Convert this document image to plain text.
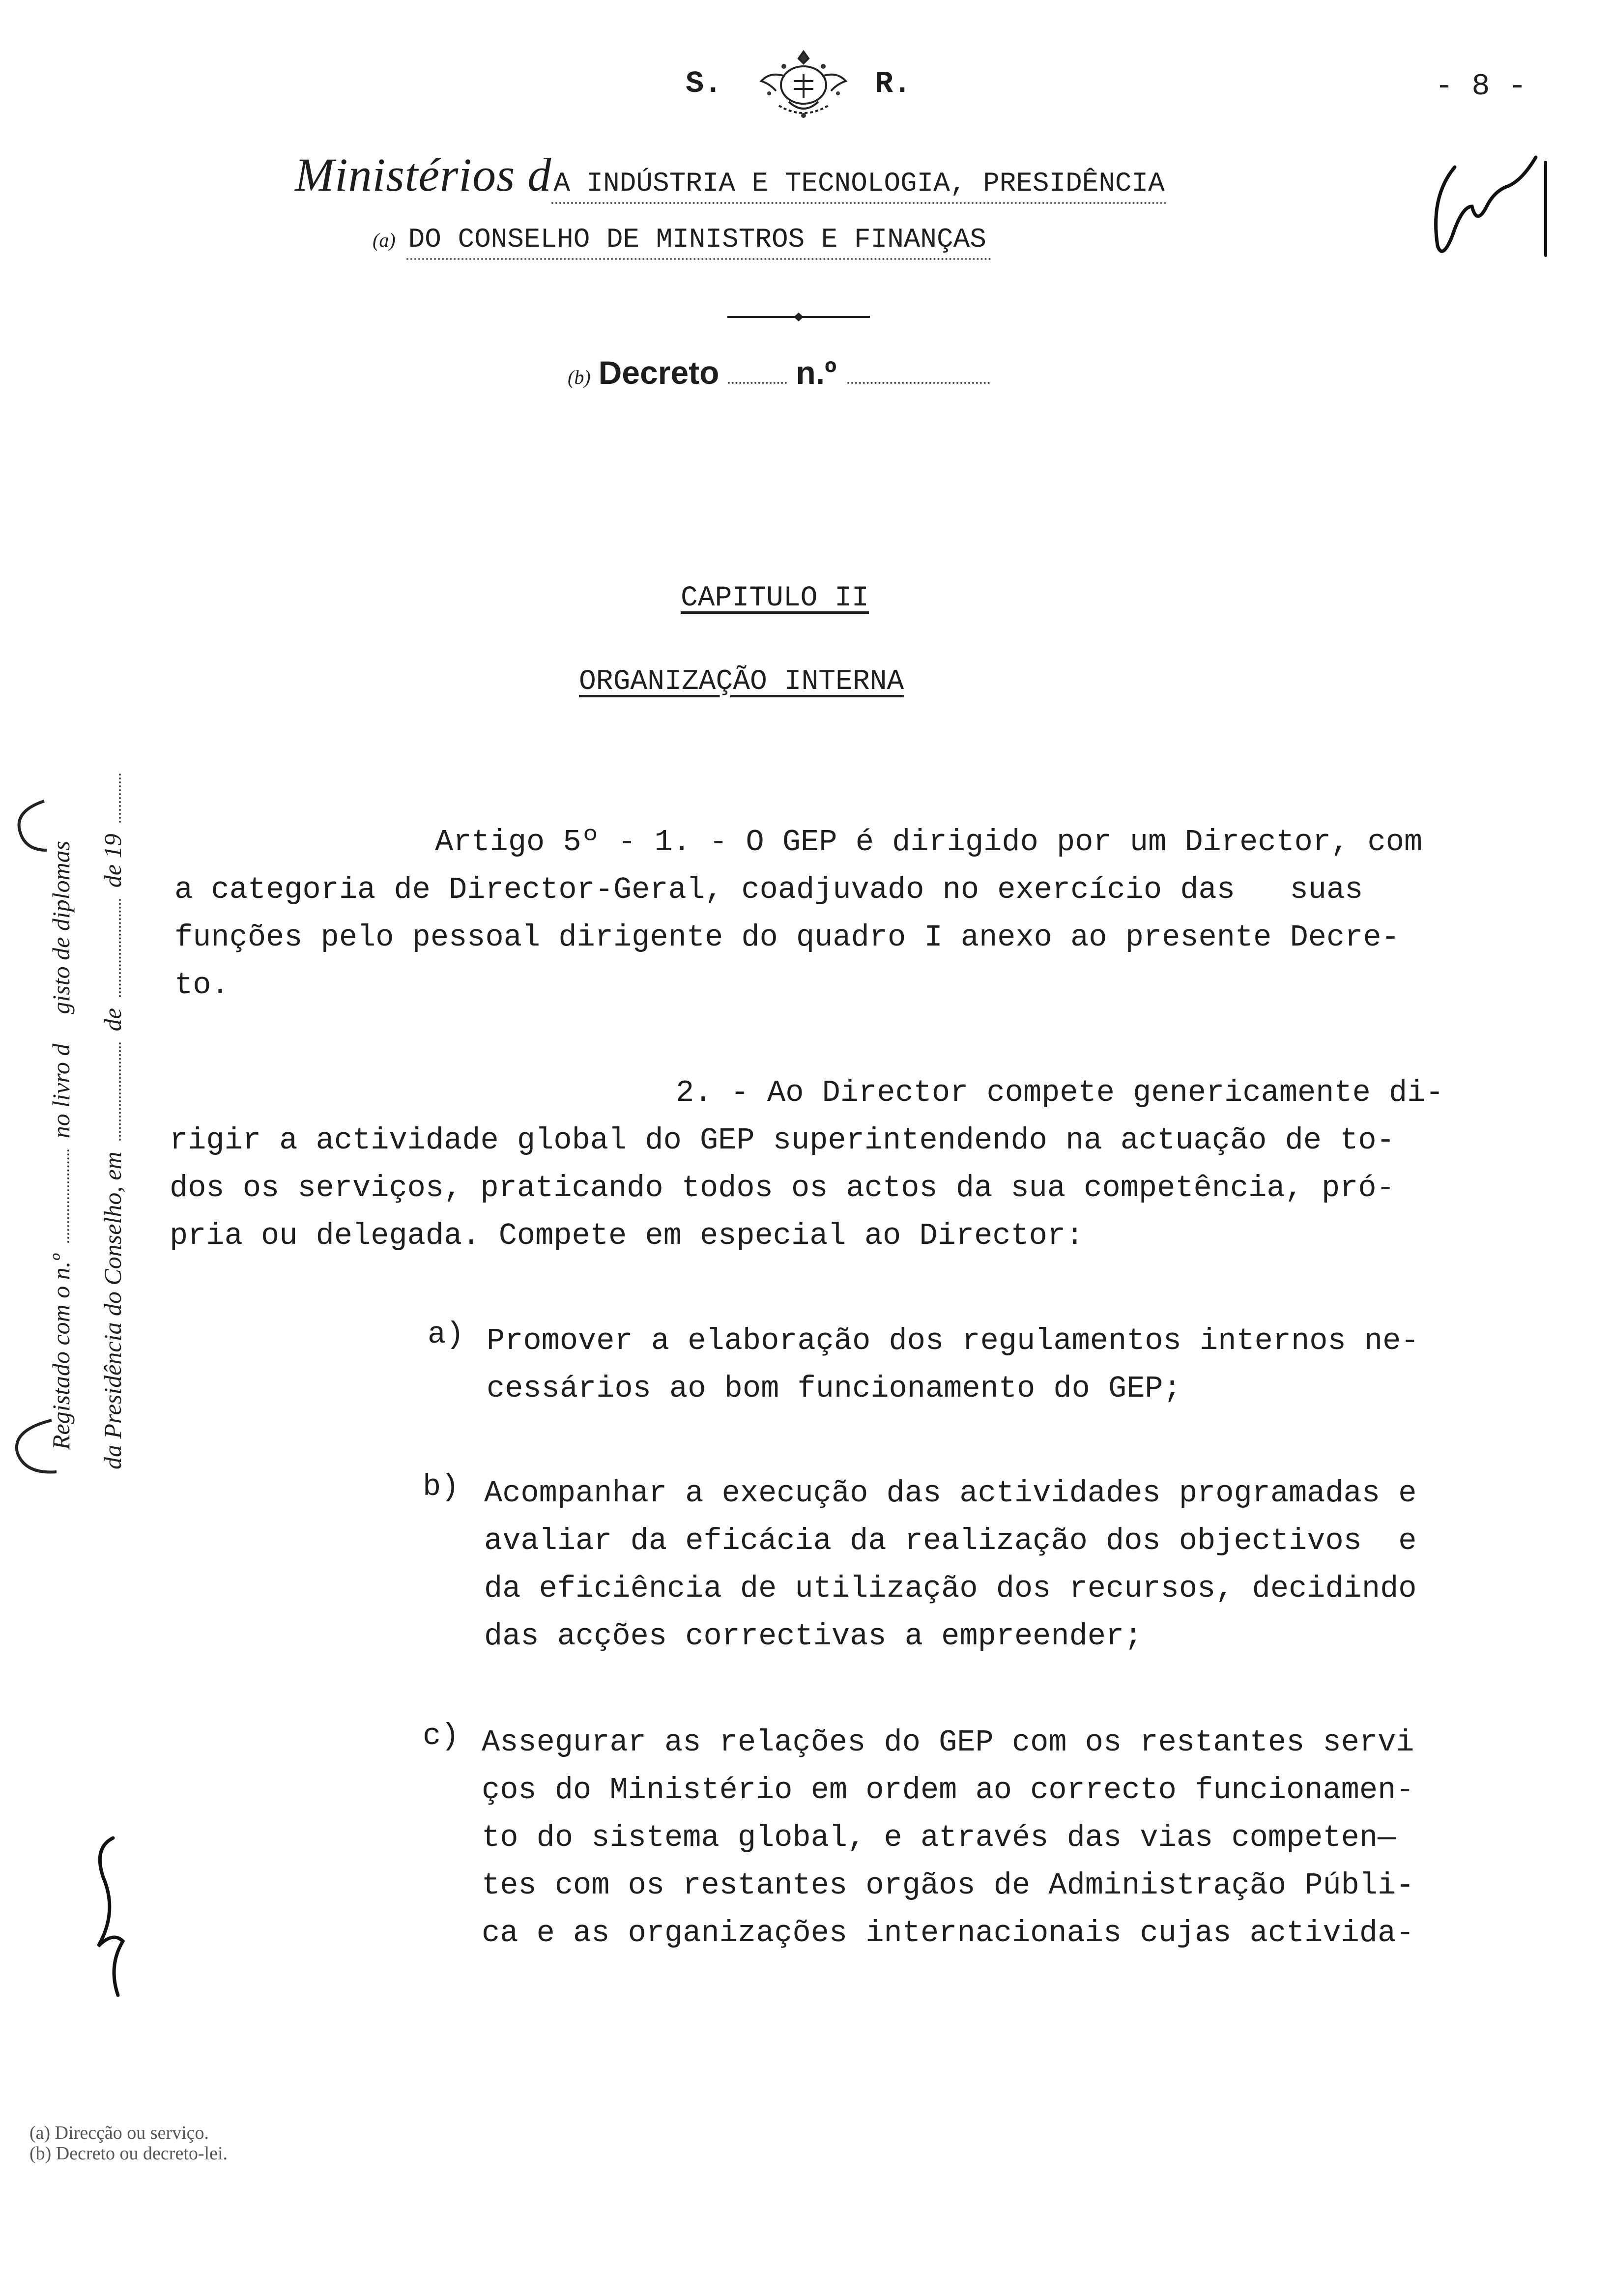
S.	R.	- 8 -
Ministérios d A INDÚSTRIA E TECNOLOGIA, PRESIDÊNCIA
(a) DO CONSELHO DE MINISTROS E FINANÇAS
(b) Decreto n.º
CAPITULO II
ORGANIZAÇÃO INTERNA
Artigo 5º - 1. - O GEP é dirigido por um Director, com
a categoria de Director-Geral, coadjuvado no exercício das   suas
funções pelo pessoal dirigente do quadro I anexo ao presente Decre-
to.
2. - Ao Director compete genericamente di-
rigir a actividade global do GEP superintendendo na actuação de to-
dos os serviços, praticando todos os actos da sua competência, pró-
pria ou delegada. Compete em especial ao Director:
a) Promover a elaboração dos regulamentos internos ne-
cessários ao bom funcionamento do GEP;
b) Acompanhar a execução das actividades programadas e
avaliar da eficácia da realização dos objectivos  e
da eficiência de utilização dos recursos, decidindo
das acções correctivas a empreender;
c) Assegurar as relações do GEP com os restantes servi
ços do Ministério em ordem ao correcto funcionamen-
to do sistema global, e através das vias competen—
tes com os restantes orgãos de Administração Públi-
ca e as organizações internacionais cujas activida-
Registado com o n.º  no livro dgisto de diplomas
da Presidência do Conselho, em  de  de 19
(a) Direcção ou serviço.
(b) Decreto ou decreto-lei.
